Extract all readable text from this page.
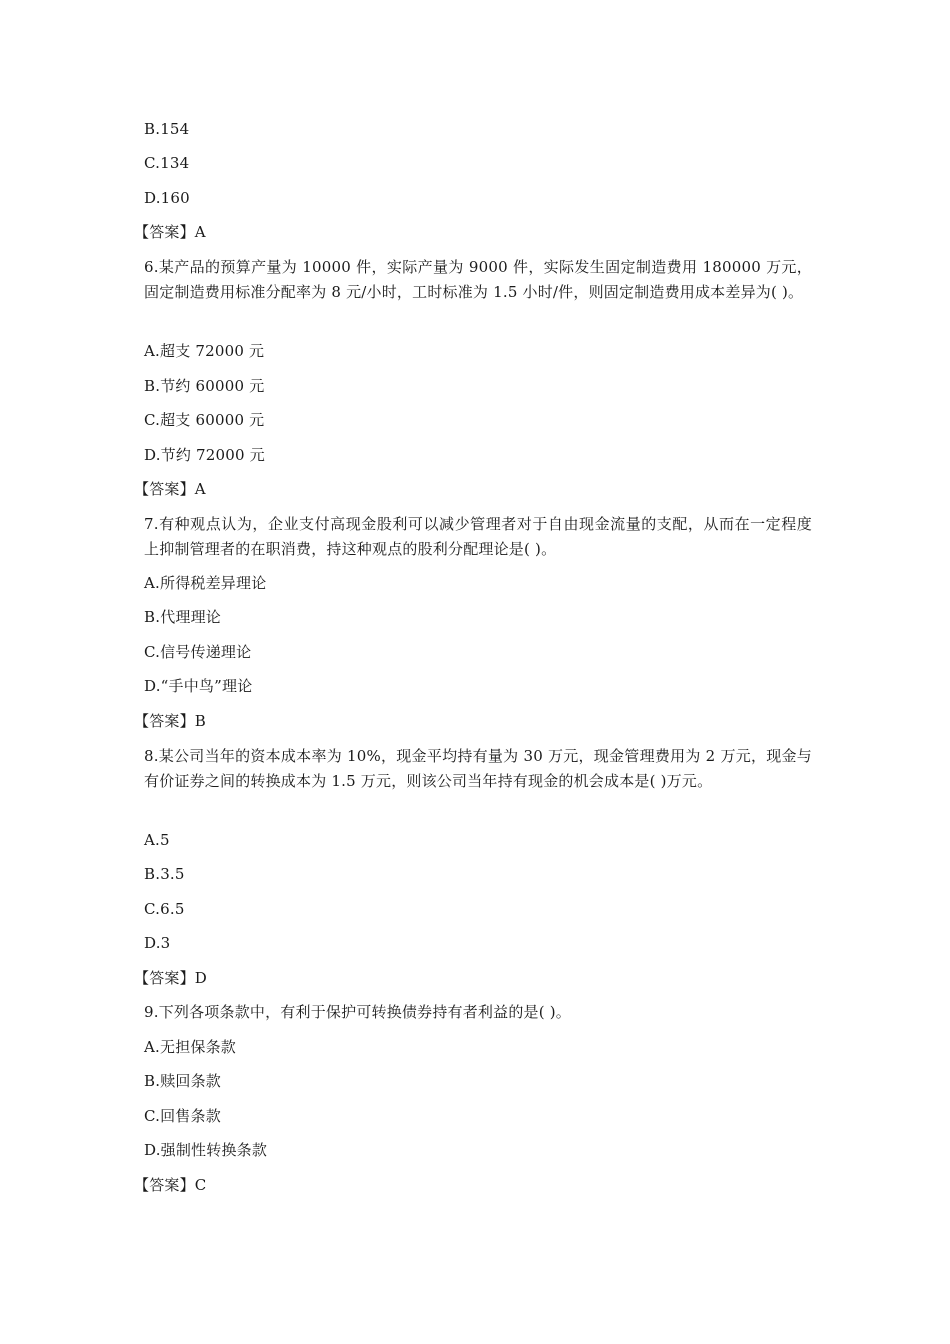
B.154
C.134
D.160
【答案】A
6.某产品的预算产量为 10000 件，实际产量为 9000 件，实际发生固定制造费用 180000 万元，固定制造费用标准分配率为 8 元/小时，工时标准为 1.5 小时/件，则固定制造费用成本差异为( )。
A.超支 72000 元
B.节约 60000 元
C.超支 60000 元
D.节约 72000 元
【答案】A
7.有种观点认为，企业支付高现金股利可以减少管理者对于自由现金流量的支配，从而在一定程度上抑制管理者的在职消费，持这种观点的股利分配理论是( )。
A.所得税差异理论
B.代理理论
C.信号传递理论
D.“手中鸟”理论
【答案】B
8.某公司当年的资本成本率为 10%，现金平均持有量为 30 万元，现金管理费用为 2 万元，现金与有价证券之间的转换成本为 1.5 万元，则该公司当年持有现金的机会成本是( )万元。
A.5
B.3.5
C.6.5
D.3
【答案】D
9.下列各项条款中，有利于保护可转换债券持有者利益的是( )。
A.无担保条款
B.赎回条款
C.回售条款
D.强制性转换条款
【答案】C
